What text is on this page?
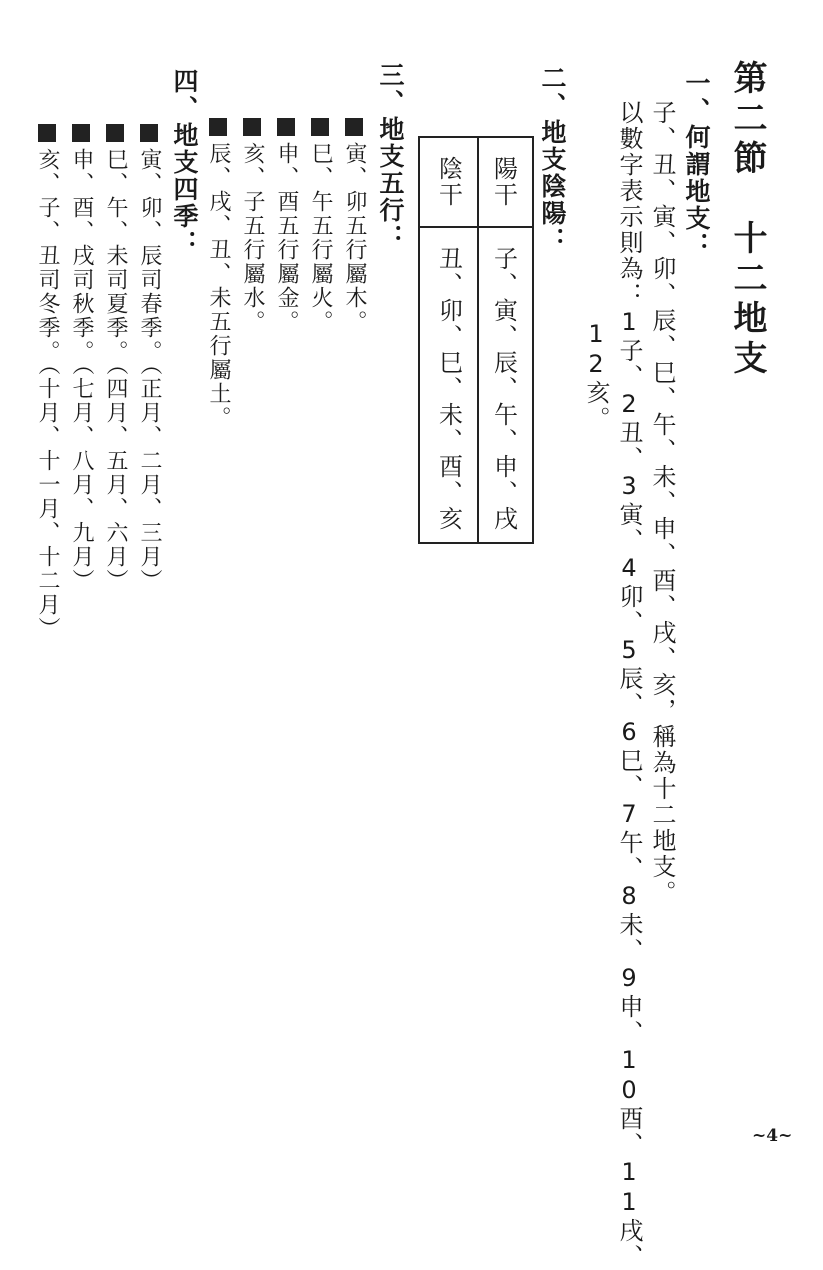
第二節　十二地支
一、何謂地支：
子、丑、寅、卯、辰、巳、午、未、申、酉、戌、亥，稱為十二地支。
以數字表示則為：1子、2丑、3寅、4卯、5辰、6巳、7午、8未、9申、10酉、11戌、
12亥。
二、地支陰陽：
陽干
子、寅、辰、午、申、戌
陰干
丑、卯、巳、未、酉、亥
三、地支五行：
寅、卯五行屬木。
巳、午五行屬火。
申、酉五行屬金。
亥、子五行屬水。
辰、戌、丑、未五行屬土。
四、地支四季：
寅、卯、辰司春季。（正月、二月、三月）
巳、午、未司夏季。（四月、五月、六月）
申、酉、戌司秋季。（七月、八月、九月）
亥、子、丑司冬季。（十月、十一月、十二月）
~4~
